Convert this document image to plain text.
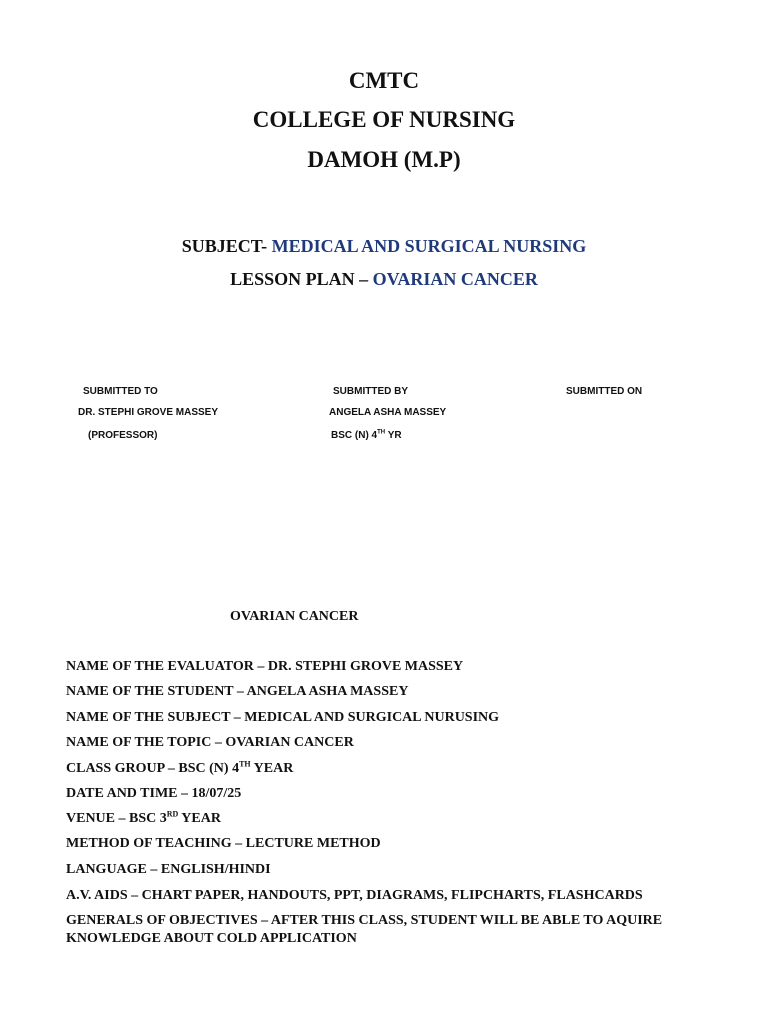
CMTC
COLLEGE OF NURSING
DAMOH (M.P)
SUBJECT- MEDICAL AND SURGICAL NURSING
LESSON PLAN – OVARIAN CANCER
SUBMITTED TO
DR. STEPHI GROVE MASSEY
(PROFESSOR)
SUBMITTED BY
ANGELA ASHA MASSEY
BSC (N) 4TH YR
SUBMITTED ON
OVARIAN CANCER
NAME OF THE EVALUATOR – DR. STEPHI GROVE MASSEY
NAME OF THE STUDENT – ANGELA ASHA MASSEY
NAME OF THE SUBJECT – MEDICAL AND SURGICAL NURUSING
NAME OF THE TOPIC – OVARIAN CANCER
CLASS GROUP – BSC (N) 4TH YEAR
DATE AND TIME – 18/07/25
VENUE – BSC 3RD YEAR
METHOD OF TEACHING – LECTURE METHOD
LANGUAGE – ENGLISH/HINDI
A.V. AIDS – CHART PAPER, HANDOUTS, PPT, DIAGRAMS, FLIPCHARTS, FLASHCARDS
GENERALS OF OBJECTIVES – AFTER THIS CLASS, STUDENT WILL BE ABLE TO AQUIRE KNOWLEDGE ABOUT COLD APPLICATION
